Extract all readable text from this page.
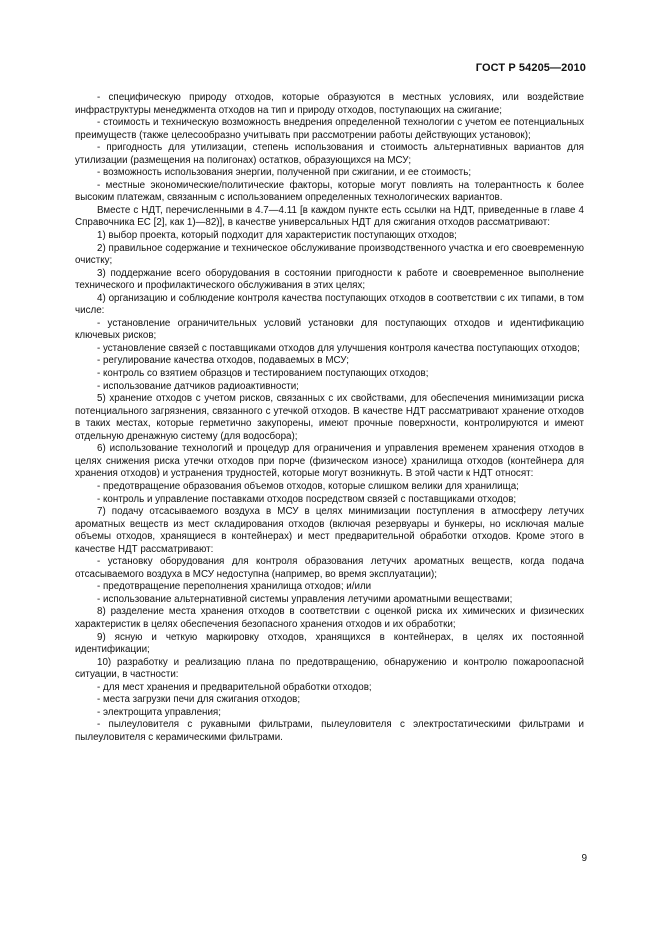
ГОСТ Р 54205—2010

- специфическую природу отходов, которые образуются в местных условиях, или воздействие инфраструктуры менеджмента отходов на тип и природу отходов, поступающих на сжигание;

- стоимость и техническую возможность внедрения определенной технологии с учетом ее потенциальных преимуществ (также целесообразно учитывать при рассмотрении работы действующих установок);

- пригодность для утилизации, степень использования и стоимость альтернативных вариантов для утилизации (размещения на полигонах) остатков, образующихся на МСУ;

- возможность использования энергии, полученной при сжигании, и ее стоимость;

- местные экономические/политические факторы, которые могут повлиять на толерантность к более высоким платежам, связанным с использованием определенных технологических вариантов.

Вместе с НДТ, перечисленными в 4.7—4.11 [в каждом пункте есть ссылки на НДТ, приведенные в главе 4 Справочника ЕС [2], как 1)—82)], в качестве универсальных НДТ для сжигания отходов рассматривают:

1) выбор проекта, который подходит для характеристик поступающих отходов;

2) правильное содержание и техническое обслуживание производственного участка и его своевременную очистку;

3) поддержание всего оборудования в состоянии пригодности к работе и своевременное выполнение технического и профилактического обслуживания в этих целях;

4) организацию и соблюдение контроля качества поступающих отходов в соответствии с их типами, в том числе:

- установление ограничительных условий установки для поступающих отходов и идентификацию ключевых рисков;

- установление связей с поставщиками отходов для улучшения контроля качества поступающих отходов;

- регулирование качества отходов, подаваемых в МСУ;

- контроль со взятием образцов и тестированием поступающих отходов;

- использование датчиков радиоактивности;

5) хранение отходов с учетом рисков, связанных с их свойствами, для обеспечения минимизации риска потенциального загрязнения, связанного с утечкой отходов. В качестве НДТ рассматривают хранение отходов в таких местах, которые герметично закупорены, имеют прочные поверхности, контролируются и имеют отдельную дренажную систему (для водосбора);

6) использование технологий и процедур для ограничения и управления временем хранения отходов в целях снижения риска утечки отходов при порче (физическом износе) хранилища отходов (контейнера для хранения отходов) и устранения трудностей, которые могут возникнуть. В этой части к НДТ относят:

- предотвращение образования объемов отходов, которые слишком велики для хранилища;

- контроль и управление поставками отходов посредством связей с поставщиками отходов;

7) подачу отсасываемого воздуха в МСУ в целях минимизации поступления в атмосферу летучих ароматных веществ из мест складирования отходов (включая резервуары и бункеры, но исключая малые объемы отходов, хранящиеся в контейнерах) и мест предварительной обработки отходов. Кроме этого в качестве НДТ рассматривают:

- установку оборудования для контроля образования летучих ароматных веществ, когда подача отсасываемого воздуха в МСУ недоступна (например, во время эксплуатации);

- предотвращение переполнения хранилища отходов; и/или

- использование альтернативной системы управления летучими ароматными веществами;

8) разделение места хранения отходов в соответствии с оценкой риска их химических и физических характеристик в целях обеспечения безопасного хранения отходов и их обработки;

9) ясную и четкую маркировку отходов, хранящихся в контейнерах, в целях их постоянной идентификации;

10) разработку и реализацию плана по предотвращению, обнаружению и контролю пожароопасной ситуации, в частности:

- для мест хранения и предварительной обработки отходов;

- места загрузки печи для сжигания отходов;

- электрощита управления;

- пылеуловителя с рукавными фильтрами, пылеуловителя с электростатическими фильтрами и пылеуловителя с керамическими фильтрами.

9
